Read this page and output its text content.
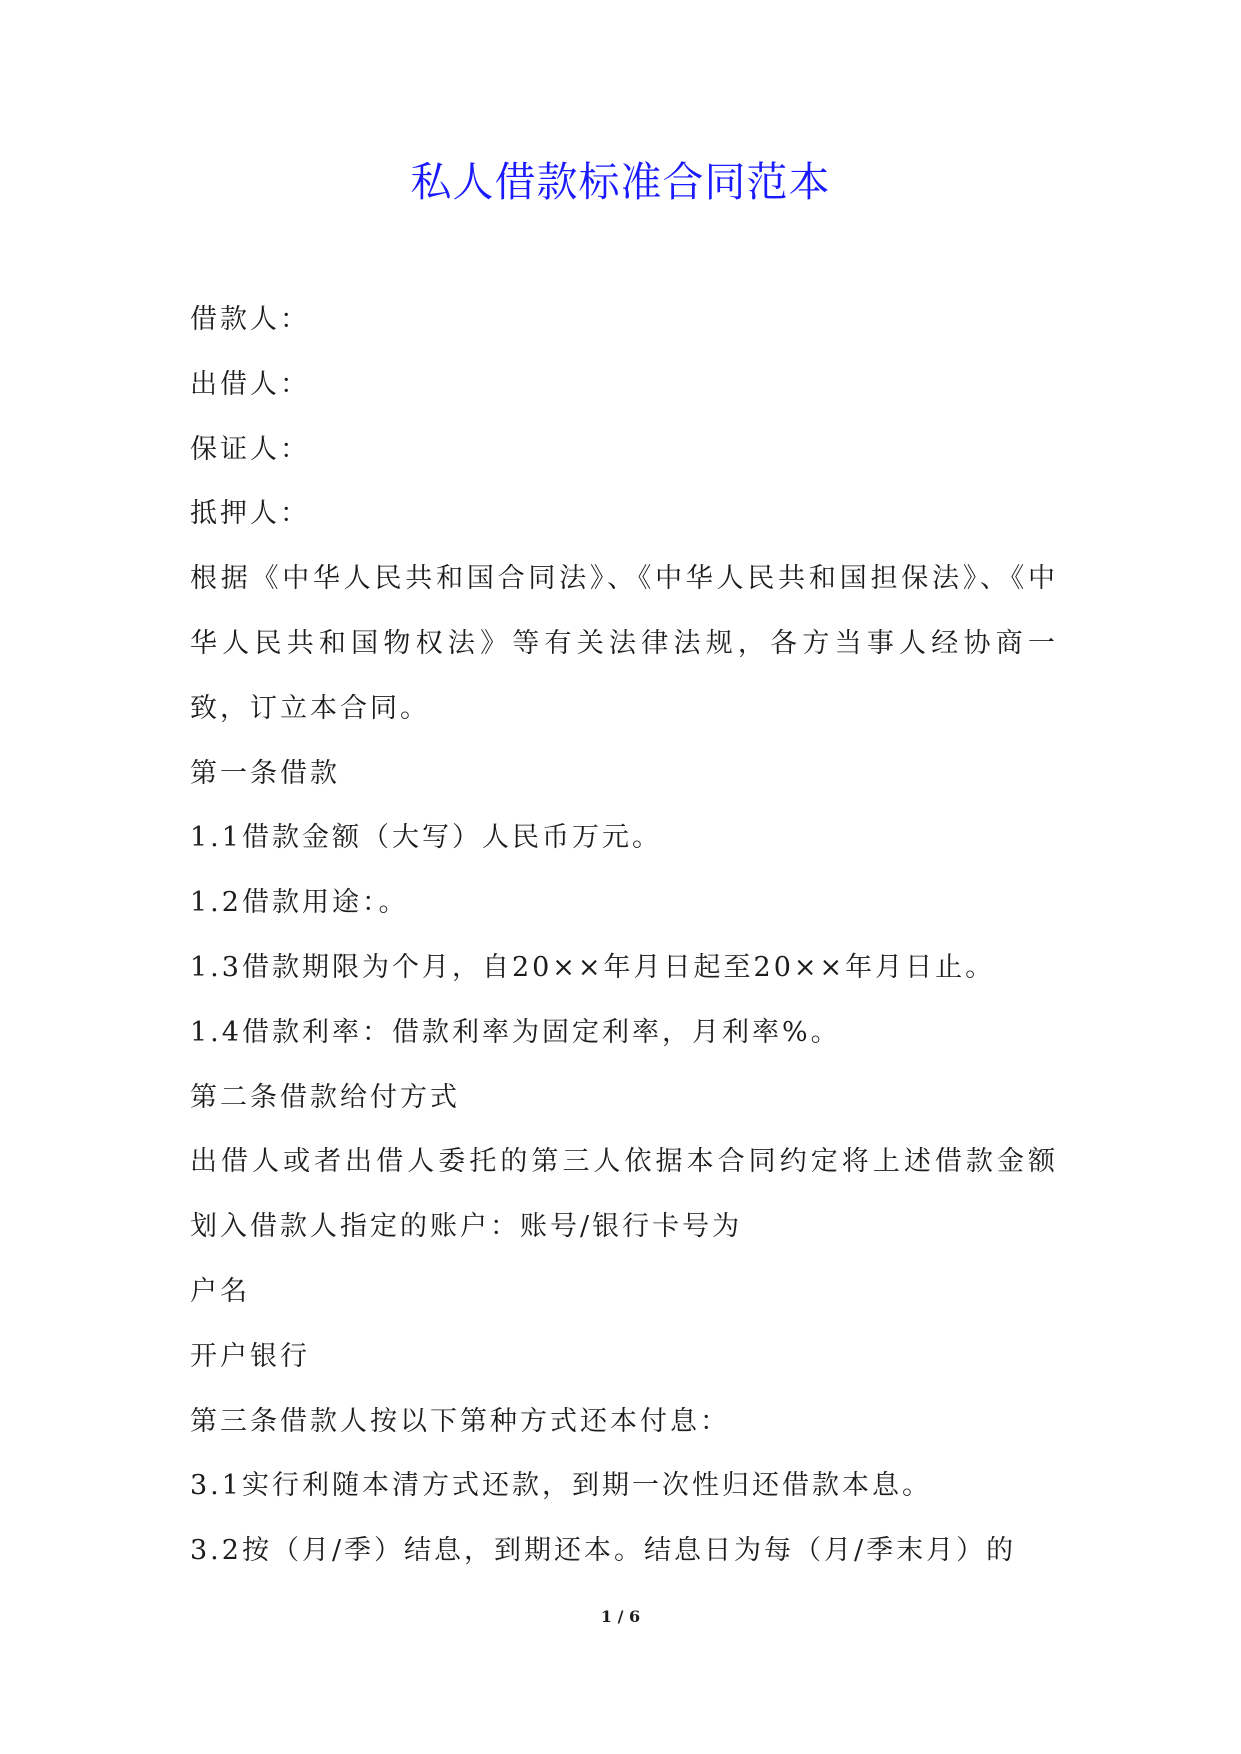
私人借款标准合同范本

借款人：

出借人：

保证人：

抵押人：

根据《中华人民共和国合同法》、《中华人民共和国担保法》、《中华人民共和国物权法》等有关法律法规，各方当事人经协商一致，订立本合同。

第一条借款

1.1借款金额（大写）人民币万元。

1.2借款用途：。

1.3借款期限为个月，自20××年月日起至20××年月日止。

1.4借款利率：借款利率为固定利率，月利率%。

第二条借款给付方式

出借人或者出借人委托的第三人依据本合同约定将上述借款金额划入借款人指定的账户：账号/银行卡号为

户名

开户银行

第三条借款人按以下第种方式还本付息：

3.1实行利随本清方式还款，到期一次性归还借款本息。

3.2按（月/季）结息，到期还本。结息日为每（月/季末月）的

1 / 6
